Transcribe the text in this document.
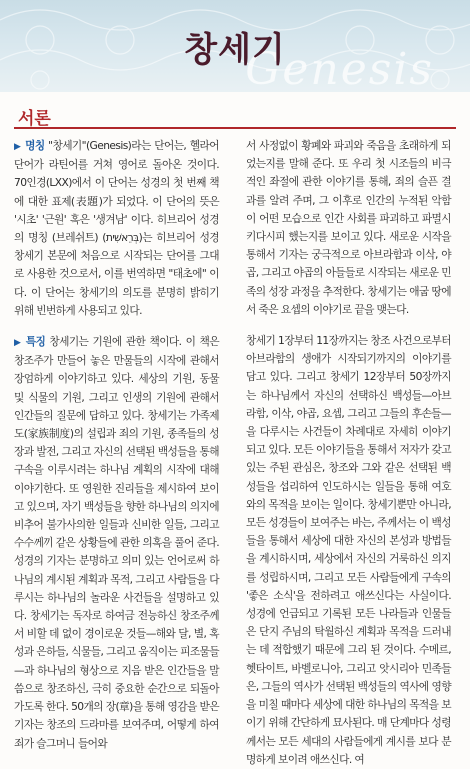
Genesis
창세기
서론

▶ 명칭 "창세기"(Genesis)라는 단어는, 헬라어 단어가 라틴어를 거쳐 영어로 돌아온 것이다. 70인경(LXX)에서 이 단어는 성경의 첫 번째 책에 대한 표제(表題)가 되었다. 이 단어의 뜻은 '시초' '근원' 혹은 '생겨남' 이다. 히브리어 성경의 명칭 (브레쉬트) (בְּרֵאשִׁית)는 히브리어 성경 창세기 본문에 처음으로 시작되는 단어를 그대로 사용한 것으로서, 이를 번역하면 "태초에" 이다. 이 단어는 창세기의 의도를 분명히 밝히기 위해 빈번하게 사용되고 있다.

▶ 특징 창세기는 기원에 관한 책이다. 이 책은 창조주가 만들어 놓은 만물들의 시작에 관해서 장엄하게 이야기하고 있다. 세상의 기원, 동물 및 식물의 기원, 그리고 인생의 기원에 관해서 인간들의 질문에 답하고 있다. 창세기는 가족제도(家族制度)의 설립과 죄의 기원, 종족들의 성장과 발전, 그리고 자신의 선택된 백성들을 통해 구속을 이루시려는 하나님 계획의 시작에 대해 이야기한다. 또 영원한 진리들을 제시하여 보이고 있으며, 자기 백성들을 향한 하나님의 의지에 비추어 불가사의한 일들과 신비한 일들, 그리고 수수께끼 같은 상황들에 관한 의혹을 풀어 준다. 성경의 기자는 분명하고 의미 있는 언어로써 하나님의 계시된 계획과 목적, 그리고 사람들을 다루시는 하나님의 놀라운 사건들을 설명하고 있다. 창세기는 독자로 하여금 전능하신 창조주께서 비할 데 없이 경이로운 것들—해와 달, 별, 혹성과 은하들, 식물들, 그리고 움직이는 피조물들—과 하나님의 형상으로 지음 받은 인간들을 말씀으로 창조하신, 극히 중요한 순간으로 되돌아가도록 한다. 50개의 장(章)을 통해 영감을 받은 기자는 창조의 드라마를 보여주며, 어떻게 하여 죄가 슬그머니 들어와

서 사정없이 황폐와 파괴와 죽음을 초래하게 되었는지를 말해 준다. 또 우리 첫 시조들의 비극적인 좌절에 관한 이야기를 통해, 죄의 슬픈 결과를 알려 주며, 그 이후로 인간의 누적된 악함이 어떤 모습으로 인간 사회를 파괴하고 파멸시키다시피 했는지를 보이고 있다. 새로운 시작을 통해서 기자는 궁극적으로 아브라함과 이삭, 야곱, 그리고 야곱의 아들들로 시작되는 새로운 민족의 성장 과정을 추적한다. 창세기는 애굽 땅에서 죽은 요셉의 이야기로 끝을 맺는다.

창세기 1장부터 11장까지는 창조 사건으로부터 아브라함의 생애가 시작되기까지의 이야기를 담고 있다. 그리고 창세기 12장부터 50장까지는 하나님께서 자신의 선택하신 백성들—아브라함, 이삭, 야곱, 요셉, 그리고 그들의 후손들—을 다루시는 사건들이 차례대로 자세히 이야기되고 있다. 모든 이야기들을 통해서 저자가 갖고 있는 주된 관심은, 창조와 그와 같은 선택된 백성들을 섭리하여 인도하시는 일들을 통해 여호와의 목적을 보이는 일이다. 창세기뿐만 아니라, 모든 성경들이 보여주는 바는, 주께서는 이 백성들을 통해서 세상에 대한 자신의 본성과 방법들을 계시하시며, 세상에서 자신의 거룩하신 의지를 성립하시며, 그리고 모든 사람들에게 구속의 '좋은 소식'을 전하려고 애쓰신다는 사실이다. 성경에 언급되고 기록된 모든 나라들과 인물들은 단지 주님의 탁월하신 계획과 목적을 드러내는 데 적합했기 때문에 그리 된 것이다. 수메르, 헷타이트, 바벨로니아, 그리고 앗시리아 민족들은, 그들의 역사가 선택된 백성들의 역사에 영향을 미칠 때마다 세상에 대한 하나님의 목적을 보이기 위해 간단하게 묘사된다. 매 단계마다 성령께서는 모든 세대의 사람들에게 계시를 보다 분명하게 보이려 애쓰신다. 여
